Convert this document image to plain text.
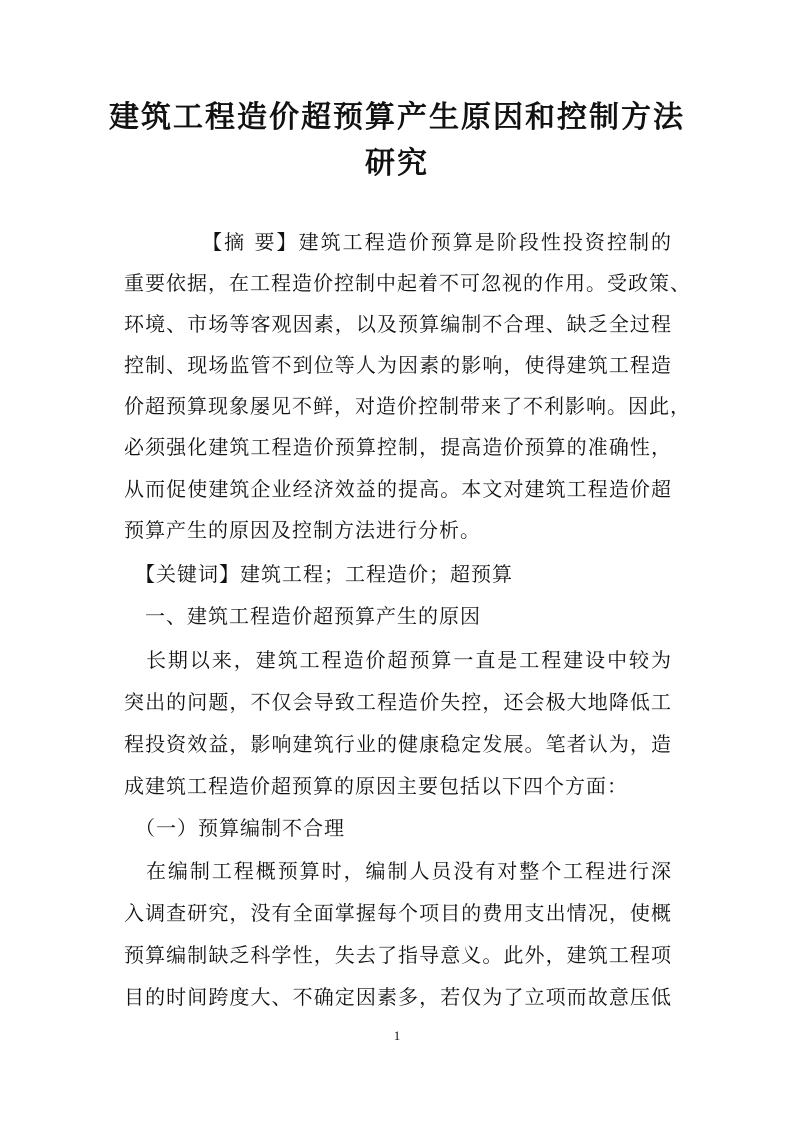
建筑工程造价超预算产生原因和控制方法
研究

　　　　【摘 要】建筑工程造价预算是阶段性投资控制的

重要依据，在工程造价控制中起着不可忽视的作用。受政策、

环境、市场等客观因素，以及预算编制不合理、缺乏全过程

控制、现场监管不到位等人为因素的影响，使得建筑工程造

价超预算现象屡见不鲜，对造价控制带来了不利影响。因此，

必须强化建筑工程造价预算控制，提高造价预算的准确性，

从而促使建筑企业经济效益的提高。本文对建筑工程造价超

预算产生的原因及控制方法进行分析。

　【关键词】建筑工程；工程造价；超预算

　一、建筑工程造价超预算产生的原因

　长期以来，建筑工程造价超预算一直是工程建设中较为

突出的问题，不仅会导致工程造价失控，还会极大地降低工

程投资效益，影响建筑行业的健康稳定发展。笔者认为，造

成建筑工程造价超预算的原因主要包括以下四个方面：

　（一）预算编制不合理

　在编制工程概预算时，编制人员没有对整个工程进行深

入调查研究，没有全面掌握每个项目的费用支出情况，使概

预算编制缺乏科学性，失去了指导意义。此外，建筑工程项

目的时间跨度大、不确定因素多，若仅为了立项而故意压低

1
